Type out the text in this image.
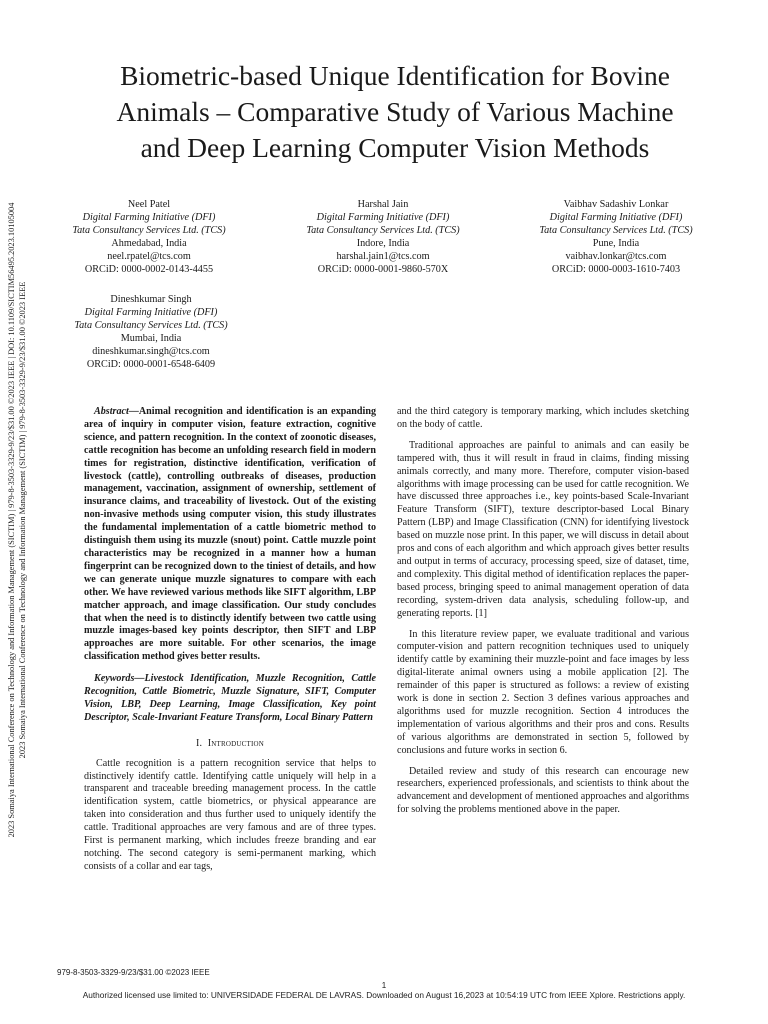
2023 Somaiya International Conference on Technology and Information Management (SICTIM) | 979-8-3503-3329-9/23/$31.00 ©2023 IEEE | DOI: 10.1109/SICTIM56495.2023.10105004 2023 Somaiya International Conference on Technology and Information Management (SICTIM) | 979-8-3503-3329-9/23/$31.00 ©2023 IEEE
Biometric-based Unique Identification for Bovine
Animals – Comparative Study of Various Machine
and Deep Learning Computer Vision Methods
Neel Patel
Digital Farming Initiative (DFI)
Tata Consultancy Services Ltd. (TCS)
Ahmedabad, India
neel.rpatel@tcs.com
ORCiD: 0000-0002-0143-4455
Harshal Jain
Digital Farming Initiative (DFI)
Tata Consultancy Services Ltd. (TCS)
Indore, India
harshal.jain1@tcs.com
ORCiD: 0000-0001-9860-570X
Vaibhav Sadashiv Lonkar
Digital Farming Initiative (DFI)
Tata Consultancy Services Ltd. (TCS)
Pune, India
vaibhav.lonkar@tcs.com
ORCiD: 0000-0003-1610-7403
Dineshkumar Singh
Digital Farming Initiative (DFI)
Tata Consultancy Services Ltd. (TCS)
Mumbai, India
dineshkumar.singh@tcs.com
ORCiD: 0000-0001-6548-6409

Abstract—Animal recognition and identification is an expanding area of inquiry in computer vision, feature extraction, cognitive science, and pattern recognition. In the context of zoonotic diseases, cattle recognition has become an unfolding research field in modern times for registration, distinctive identification, verification of livestock (cattle), controlling outbreaks of diseases, production management, vaccination, assignment of ownership, settlement of insurance claims, and traceability of livestock. Out of the existing non-invasive methods using computer vision, this study illustrates the fundamental implementation of a cattle biometric method to distinguish them using its muzzle (snout) point. Cattle muzzle point characteristics may be recognized in a manner how a human fingerprint can be recognized down to the tiniest of details, and how we can generate unique muzzle signatures to compare with each other. We have reviewed various methods like SIFT algorithm, LBP matcher approach, and image classification. Our study concludes that when the need is to distinctly identify between two cattle using muzzle images-based key points descriptor, then SIFT and LBP approaches are more suitable. For other scenarios, the image classification method gives better results.

Keywords—Livestock Identification, Muzzle Recognition, Cattle Recognition, Cattle Biometric, Muzzle Signature, SIFT, Computer Vision, LBP, Deep Learning, Image Classification, Key point Descriptor, Scale-Invariant Feature Transform, Local Binary Pattern

I. Introduction

Cattle recognition is a pattern recognition service that helps to distinctively identify cattle. Identifying cattle uniquely will help in a transparent and traceable breeding management process. In the cattle identification system, cattle biometrics, or physical appearance are taken into consideration and thus further used to uniquely identify the cattle. Traditional approaches are very famous and are of three types. First is permanent marking, which includes freeze branding and ear notching. The second category is semi-permanent marking, which consists of a collar and ear tags,

and the third category is temporary marking, which includes sketching on the body of cattle.

Traditional approaches are painful to animals and can easily be tampered with, thus it will result in fraud in claims, finding missing animals correctly, and many more. Therefore, computer vision-based algorithms with image processing can be used for cattle recognition. We have discussed three approaches i.e., key points-based Scale-Invariant Feature Transform (SIFT), texture descriptor-based Local Binary Pattern (LBP) and Image Classification (CNN) for identifying livestock based on muzzle nose print. In this paper, we will discuss in detail about pros and cons of each algorithm and which approach gives better results and output in terms of accuracy, processing speed, size of dataset, time, and complexity. This digital method of identification replaces the paper-based process, bringing speed to animal management operation of data recording, system-driven data analysis, scheduling follow-up, and generating reports. [1]

In this literature review paper, we evaluate traditional and various computer-vision and pattern recognition techniques used to uniquely identify cattle by examining their muzzle-point and face images by less digital-literate animal owners using a mobile application [2]. The remainder of this paper is structured as follows: a review of existing work is done in section 2. Section 3 defines various approaches and algorithms used for muzzle recognition. Section 4 introduces the implementation of various algorithms and their pros and cons. Results of various algorithms are demonstrated in section 5, followed by conclusions and future works in section 6.

Detailed review and study of this research can encourage new researchers, experienced professionals, and scientists to think about the advancement and development of mentioned approaches and algorithms for solving the problems mentioned above in the paper.

979-8-3503-3329-9/23/$31.00 ©2023 IEEE
1
Authorized licensed use limited to: UNIVERSIDADE FEDERAL DE LAVRAS. Downloaded on August 16,2023 at 10:54:19 UTC from IEEE Xplore. Restrictions apply.
